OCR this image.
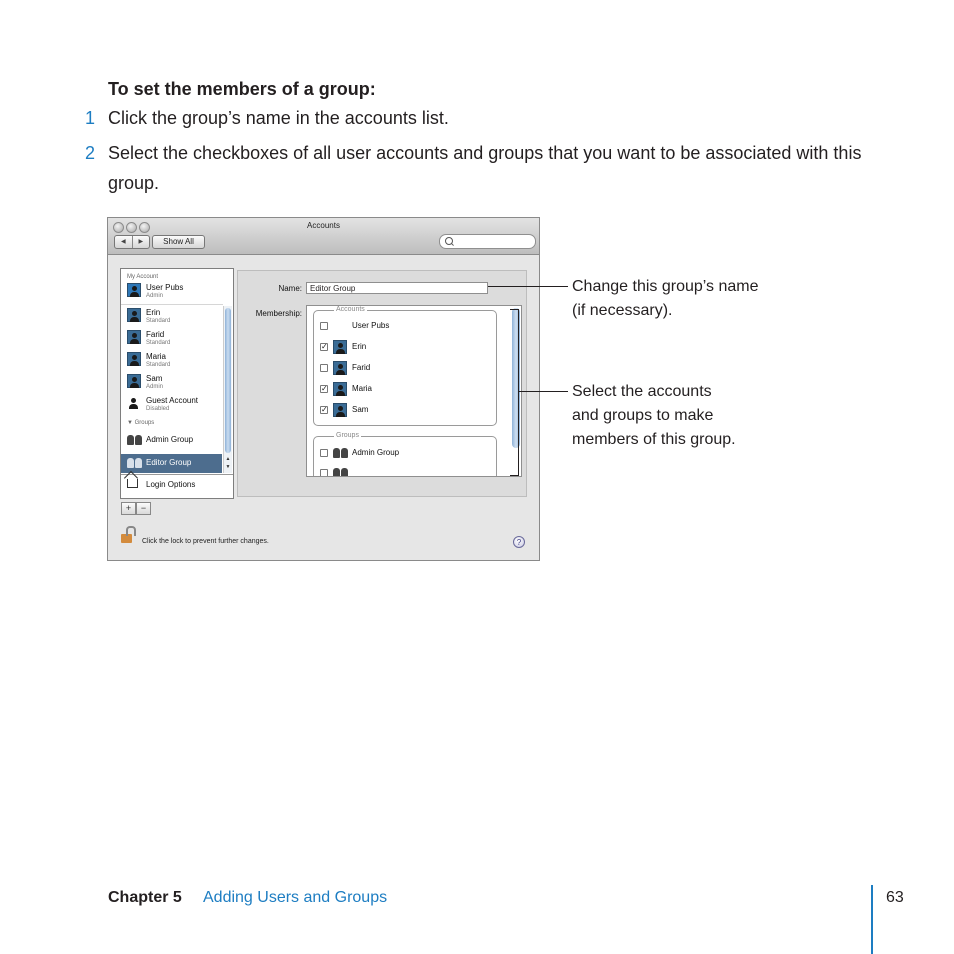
To set the members of a group:
1 Click the group’s name in the accounts list.
2 Select the checkboxes of all user accounts and groups that you want to be associated with this group.
Accounts
◀	▶	Show All
My Account
User Pubs
Admin
Erin
Standard
Farid
Standard
Maria
Standard
Sam
Admin
Guest Account
Disabled
▼ Groups
Admin Group
Editor Group
Login Options
▲
▼
Name:	Editor Group
Membership:	Accounts
User Pubs
✓	Erin
Farid
✓	Maria
✓	Sam
Groups
Admin Group
+	−
Click the lock to prevent further changes.	?
Change this group’s name
(if necessary).
Select the accounts
and groups to make
members of this group.
Chapter 5 Adding Users and Groups	63
